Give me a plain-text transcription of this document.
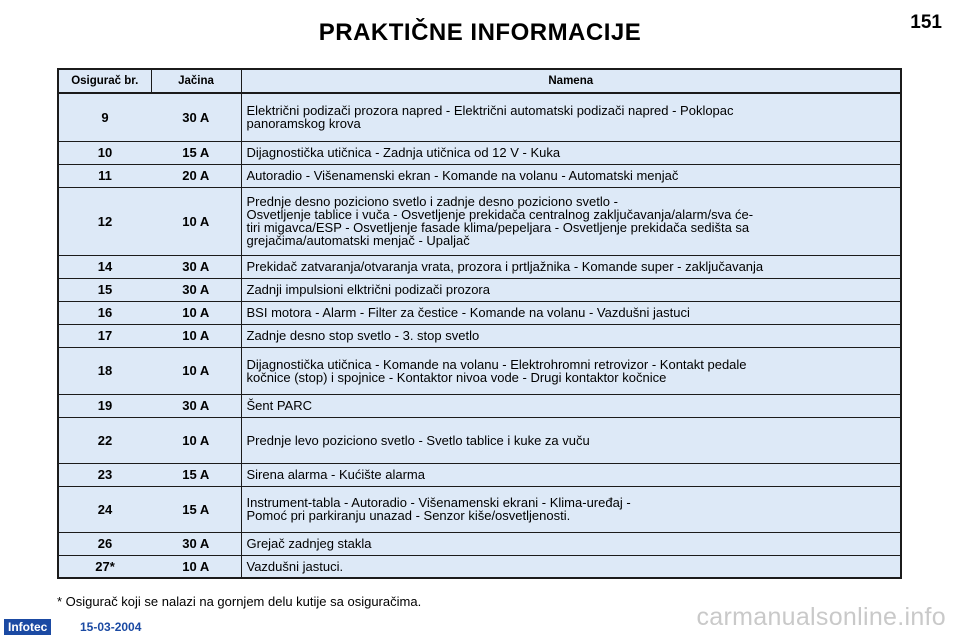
PRAKTIČNE INFORMACIJE	151
Osigurač br.	Jačina	Namena
9	30 A	Električni podizači prozora napred - Električni automatski podizači napred - Poklopac
panoramskog krova
10	15 A	Dijagnostička utičnica - Zadnja utičnica od 12 V - Kuka
11	20 A	Autoradio - Višenamenski ekran - Komande na volanu - Automatski menjač
12	10 A	Prednje desno poziciono svetlo i zadnje desno poziciono svetlo -
Osvetljenje tablice i vuča - Osvetljenje prekidača centralnog zaključavanja/alarm/sva će-
tiri migavca/ESP - Osvetljenje fasade klima/pepeljara - Osvetljenje prekidača sedišta sa
grejačima/automatski menjač - Upaljač
14	30 A	Prekidač zatvaranja/otvaranja vrata, prozora i prtljažnika - Komande super - zaključavanja
15	30 A	Zadnji impulsioni elktrični podizači prozora
16	10 A	BSI motora - Alarm - Filter za čestice - Komande na volanu - Vazdušni jastuci
17	10 A	Zadnje desno stop svetlo - 3. stop svetlo
18	10 A	Dijagnostička utičnica - Komande na volanu - Elektrohromni retrovizor - Kontakt pedale
kočnice (stop) i spojnice - Kontaktor nivoa vode - Drugi kontaktor kočnice
19	30 A	Šent PARC
22	10 A	Prednje levo poziciono svetlo - Svetlo tablice i kuke za vuču
23	15 A	Sirena alarma - Kućište alarma
24	15 A	Instrument-tabla - Autoradio - Višenamenski ekrani - Klima-uređaj -
Pomoć pri parkiranju unazad - Senzor kiše/osvetljenosti.
26	30 A	Grejač zadnjeg stakla
27*	10 A	Vazdušni jastuci.
* Osigurač koji se nalazi na gornjem delu kutije sa osiguračima.
Infotec	15-03-2004	carmanualsonline.info
